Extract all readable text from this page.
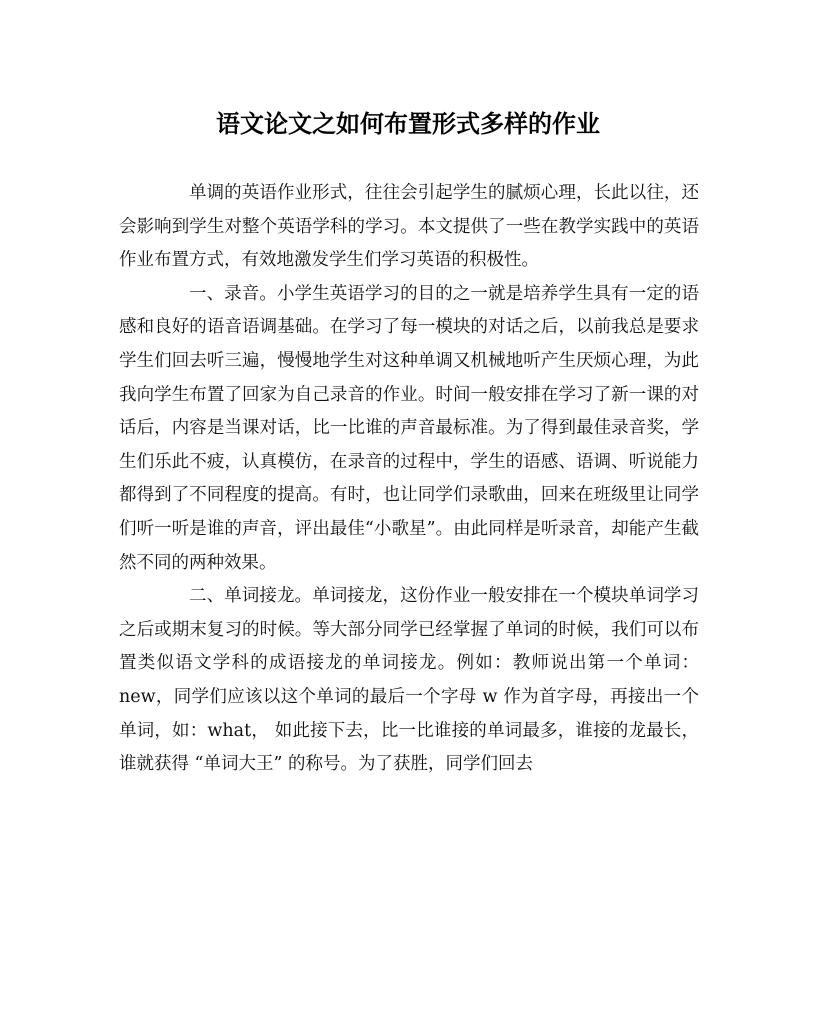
语文论文之如何布置形式多样的作业

单调的英语作业形式，往往会引起学生的腻烦心理，长此以往，还会影响到学生对整个英语学科的学习。本文提供了一些在教学实践中的英语作业布置方式，有效地激发学生们学习英语的积极性。

一、录音。小学生英语学习的目的之一就是培养学生具有一定的语感和良好的语音语调基础。在学习了每一模块的对话之后，以前我总是要求学生们回去听三遍，慢慢地学生对这种单调又机械地听产生厌烦心理，为此我向学生布置了回家为自己录音的作业。时间一般安排在学习了新一课的对话后，内容是当课对话，比一比谁的声音最标准。为了得到最佳录音奖，学生们乐此不疲，认真模仿，在录音的过程中，学生的语感、语调、听说能力都得到了不同程度的提高。有时，也让同学们录歌曲，回来在班级里让同学们听一听是谁的声音，评出最佳“小歌星”。由此同样是听录音，却能产生截然不同的两种效果。

二、单词接龙。单词接龙，这份作业一般安排在一个模块单词学习之后或期末复习的时候。等大部分同学已经掌握了单词的时候，我们可以布置类似语文学科的成语接龙的单词接龙。例如：教师说出第一个单词： new，同学们应该以这个单词的最后一个字母 w 作为首字母，再接出一个单词，如：what， 如此接下去，比一比谁接的单词最多，谁接的龙最长，谁就获得 “单词大王” 的称号。为了获胜，同学们回去
